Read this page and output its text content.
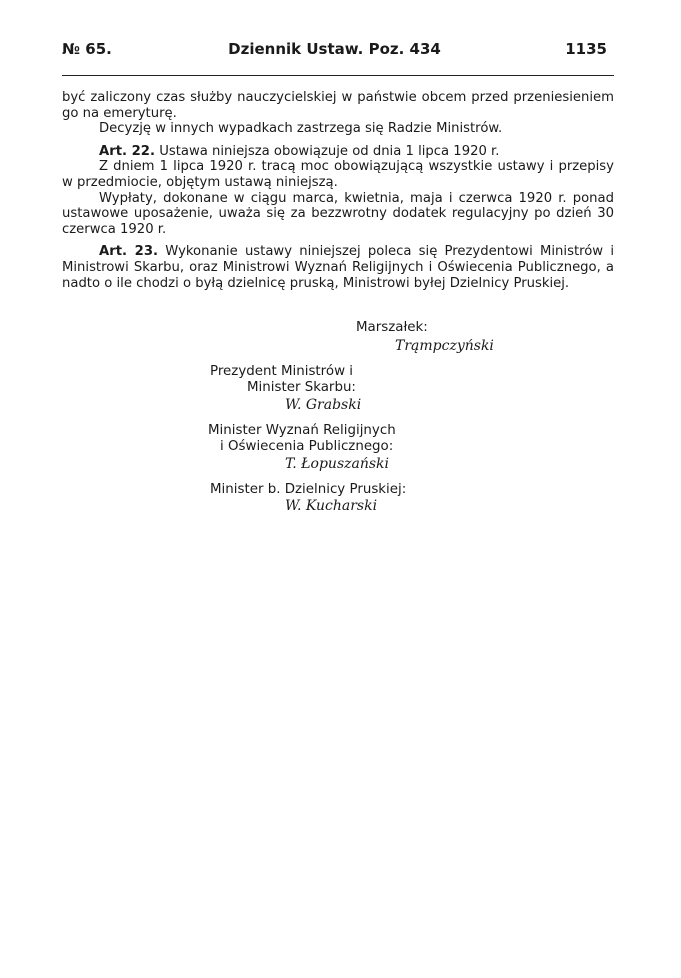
№ 65.	Dziennik Ustaw. Poz. 434	1135

być zaliczony czas służby nauczycielskiej w państwie obcem przed przeniesieniem go na emeryturę.

Decyzję w innych wypadkach zastrzega się Radzie Ministrów.

Art. 22. Ustawa niniejsza obowiązuje od dnia 1 lipca 1920 r.

Z dniem 1 lipca 1920 r. tracą moc obowiązującą wszystkie ustawy i przepisy w przedmiocie, objętym ustawą niniejszą.

Wypłaty, dokonane w ciągu marca, kwietnia, maja i czerwca 1920 r. ponad ustawowe uposażenie, uważa się za bezzwrotny dodatek regulacyjny po dzień 30 czerwca 1920 r.

Art. 23. Wykonanie ustawy niniejszej poleca się Prezydentowi Ministrów i Ministrowi Skarbu, oraz Ministrowi Wyznań Religijnych i Oświecenia Publicznego, a nadto o ile chodzi o byłą dzielnicę pruską, Ministrowi byłej Dzielnicy Pruskiej.

Marszałek:
Trąmpczyński
Prezydent Ministrów i
Minister Skarbu:
W. Grabski
Minister Wyznań Religijnych
i Oświecenia Publicznego:
T. Łopuszański
Minister b. Dzielnicy Pruskiej:
W. Kucharski
